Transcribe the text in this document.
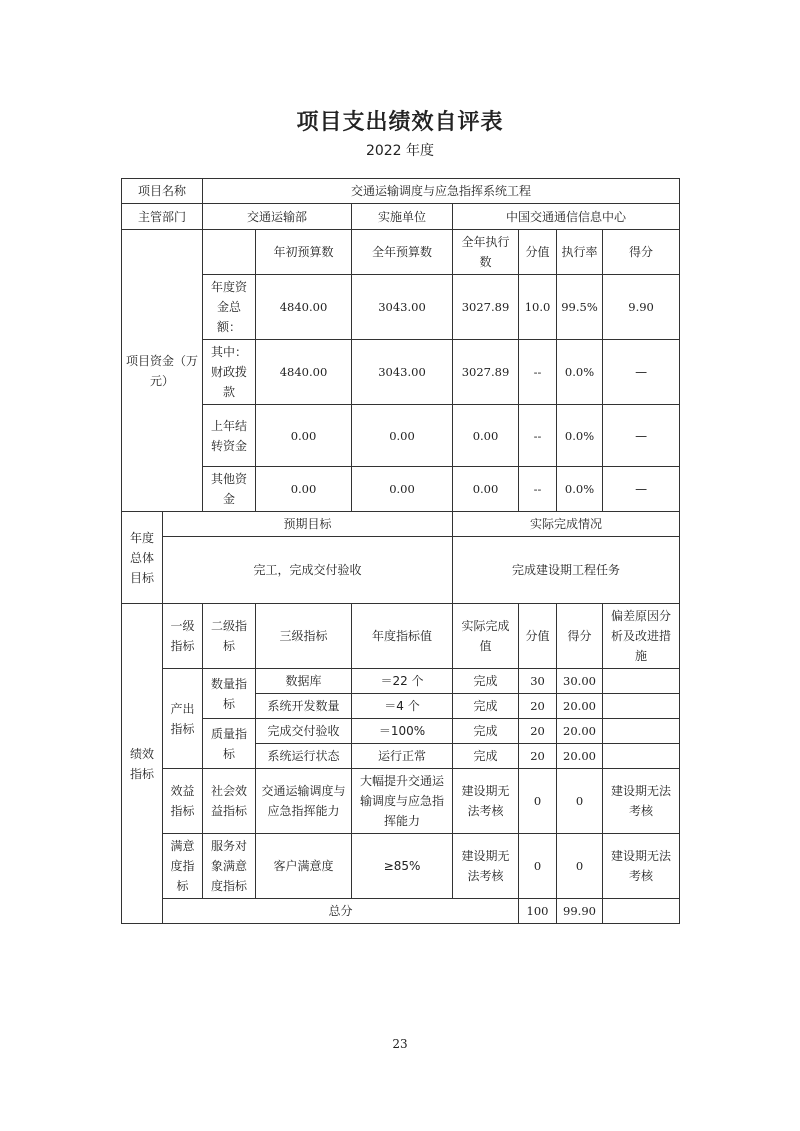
项目支出绩效自评表
2022 年度
项目名称		交通运输调度与应急指挥系统工程						
主管部门		交通运输部		实施单位	中国交通通信信息中心			
项目资金（万元）			年初预算数	全年预算数	全年执行数	分值	执行率	得分
		年度资金总额：	4840.00	3043.00	3027.89	10.0	99.5%	9.90
		其中：财政拨款	4840.00	3043.00	3027.89	--	0.0%	—
		上年结转资金	0.00	0.00	0.00	--	0.0%	—
		其他资金	0.00	0.00	0.00	--	0.0%	—
年度总体目标	预期目标				实际完成情况			
	完工，完成交付验收				完成建设期工程任务			
绩效指标	一级指标	二级指标	三级指标	年度指标值	实际完成值	分值	得分	偏差原因分析及改进措施
	产出指标	数量指标	数据库	＝22 个	完成	30	30.00	
			系统开发数量	＝4 个	完成	20	20.00	
		质量指标	完成交付验收	＝100%	完成	20	20.00	
			系统运行状态	运行正常	完成	20	20.00	
	效益指标	社会效益指标	交通运输调度与应急指挥能力	大幅提升交通运输调度与应急指挥能力	建设期无法考核	0	0	建设期无法考核
	满意度指标	服务对象满意度指标	客户满意度	≥85%	建设期无法考核	0	0	建设期无法考核
	总分					100	99.90	
23
